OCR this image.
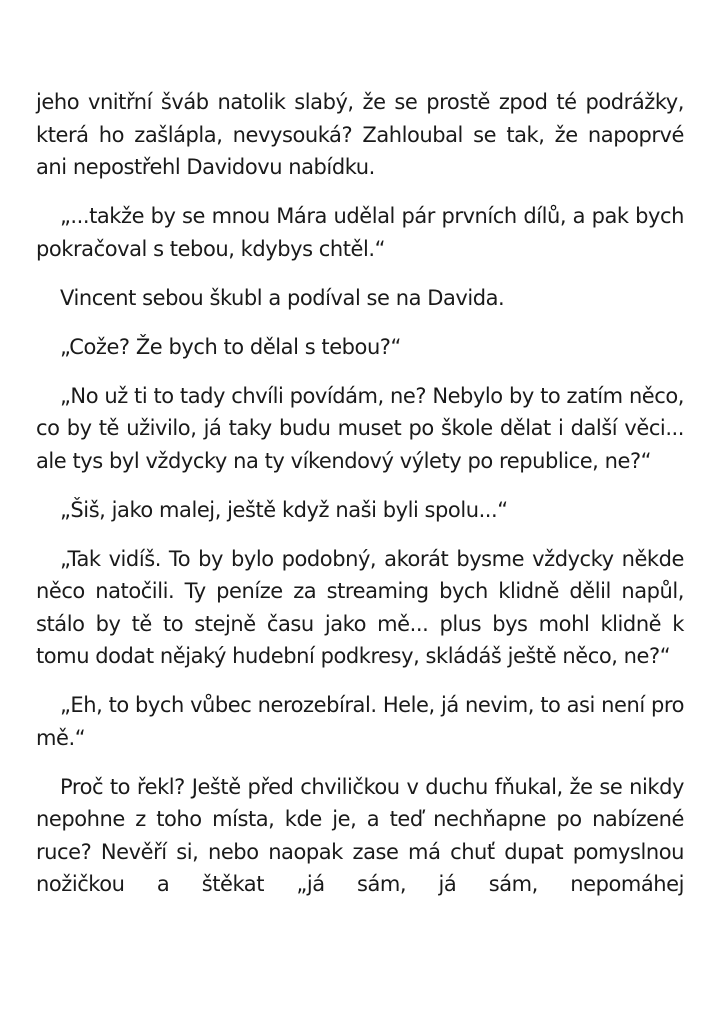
jeho vnitřní šváb natolik slabý, že se prostě zpod té podrážky, která ho zašlápla, nevysouká? Zahloubal se tak, že napoprvé ani nepostřehl Davidovu nabídku.

„...takže by se mnou Mára udělal pár prvních dílů, a pak bych pokračoval s tebou, kdybys chtěl.“

Vincent sebou škubl a podíval se na Davida.

„Cože? Že bych to dělal s tebou?“

„No už ti to tady chvíli povídám, ne? Nebylo by to zatím něco, co by tě uživilo, já taky budu muset po škole dělat i další věci... ale tys byl vždycky na ty víkendový výlety po republice, ne?“

„Šiš, jako malej, ještě když naši byli spolu...“

„Tak vidíš. To by bylo podobný, akorát bysme vždycky někde něco natočili. Ty peníze za streaming bych klidně dělil napůl, stálo by tě to stejně času jako mě... plus bys mohl klidně k tomu dodat nějaký hudební podkresy, skládáš ještě něco, ne?“

„Eh, to bych vůbec nerozebíral. Hele, já nevim, to asi není pro mě.“

Proč to řekl? Ještě před chviličkou v duchu fňukal, že se nikdy nepohne z toho místa, kde je, a teď nechňapne po nabízené ruce? Nevěří si, nebo naopak zase má chuť dupat pomyslnou nožičkou a štěkat „já sám, já sám, nepomáhej
